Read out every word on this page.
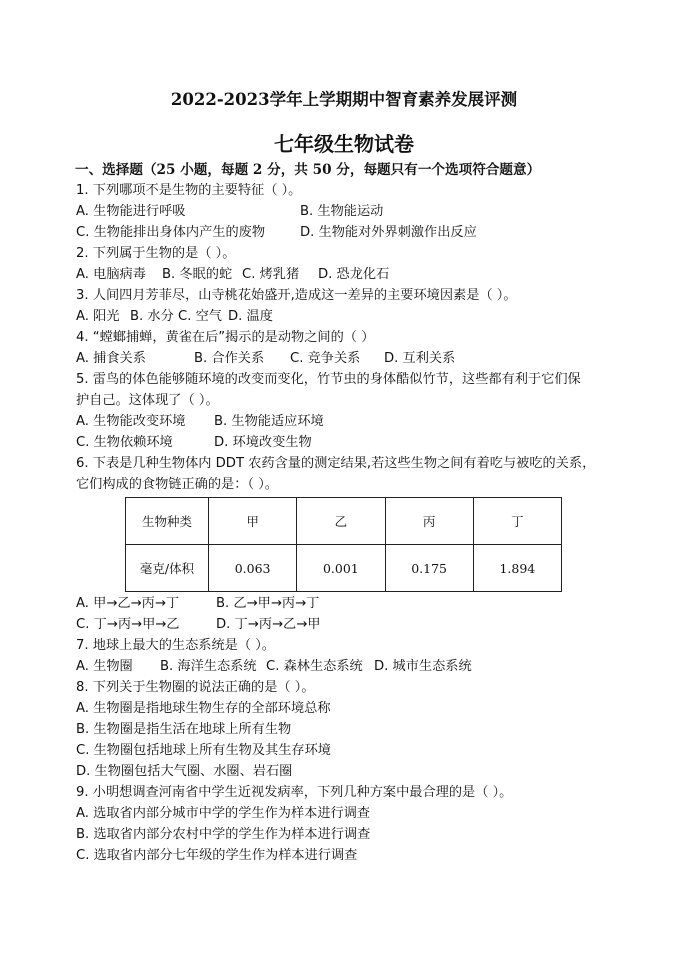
2022-2023学年上学期期中智育素养发展评测
七年级生物试卷
一、选择题（25 小题，每题 2 分，共 50 分，每题只有一个选项符合题意）
1. 下列哪项不是生物的主要特征（ ）。
A. 生物能进行呼吸	B. 生物能运动
C. 生物能排出身体内产生的废物	D. 生物能对外界刺激作出反应
2. 下列属于生物的是（ ）。
A. 电脑病毒 B. 冬眠的蛇 C. 烤乳猪 D. 恐龙化石
3. 人间四月芳菲尽，山寺桃花始盛开,造成这一差异的主要环境因素是（ ）。
A. 阳光 B. 水分 C. 空气 D. 温度
4. “螳螂捕蝉，黄雀在后”揭示的是动物之间的（ ）
A. 捕食关系	B. 合作关系 C. 竞争关系 D. 互利关系
5. 雷鸟的体色能够随环境的改变而变化，竹节虫的身体酷似竹节，这些都有利于它们保
护自己。这体现了（ ）。
A. 生物能改变环境 B. 生物能适应环境
C. 生物依赖环境	D. 环境改变生物
6. 下表是几种生物体内 DDT 农药含量的测定结果,若这些生物之间有着吃与被吃的关系，
它们构成的食物链正确的是：（ ）。
生物种类	甲	乙	丙	丁
毫克/体积	0.063	0.001	0.175	1.894
A. 甲→乙→丙→丁	B. 乙→甲→丙→丁
C. 丁→丙→甲→乙	D. 丁→丙→乙→甲
7. 地球上最大的生态系统是（ ）。
A. 生物圈 B. 海洋生态系统 C. 森林生态系统 D. 城市生态系统
8. 下列关于生物圈的说法正确的是（ ）。
A. 生物圈是指地球生物生存的全部环境总称
B. 生物圈是指生活在地球上所有生物
C. 生物圈包括地球上所有生物及其生存环境
D. 生物圈包括大气圈、水圈、岩石圈
9. 小明想调查河南省中学生近视发病率，下列几种方案中最合理的是（ ）。
A. 选取省内部分城市中学的学生作为样本进行调查
B. 选取省内部分农村中学的学生作为样本进行调查
C. 选取省内部分七年级的学生作为样本进行调查
